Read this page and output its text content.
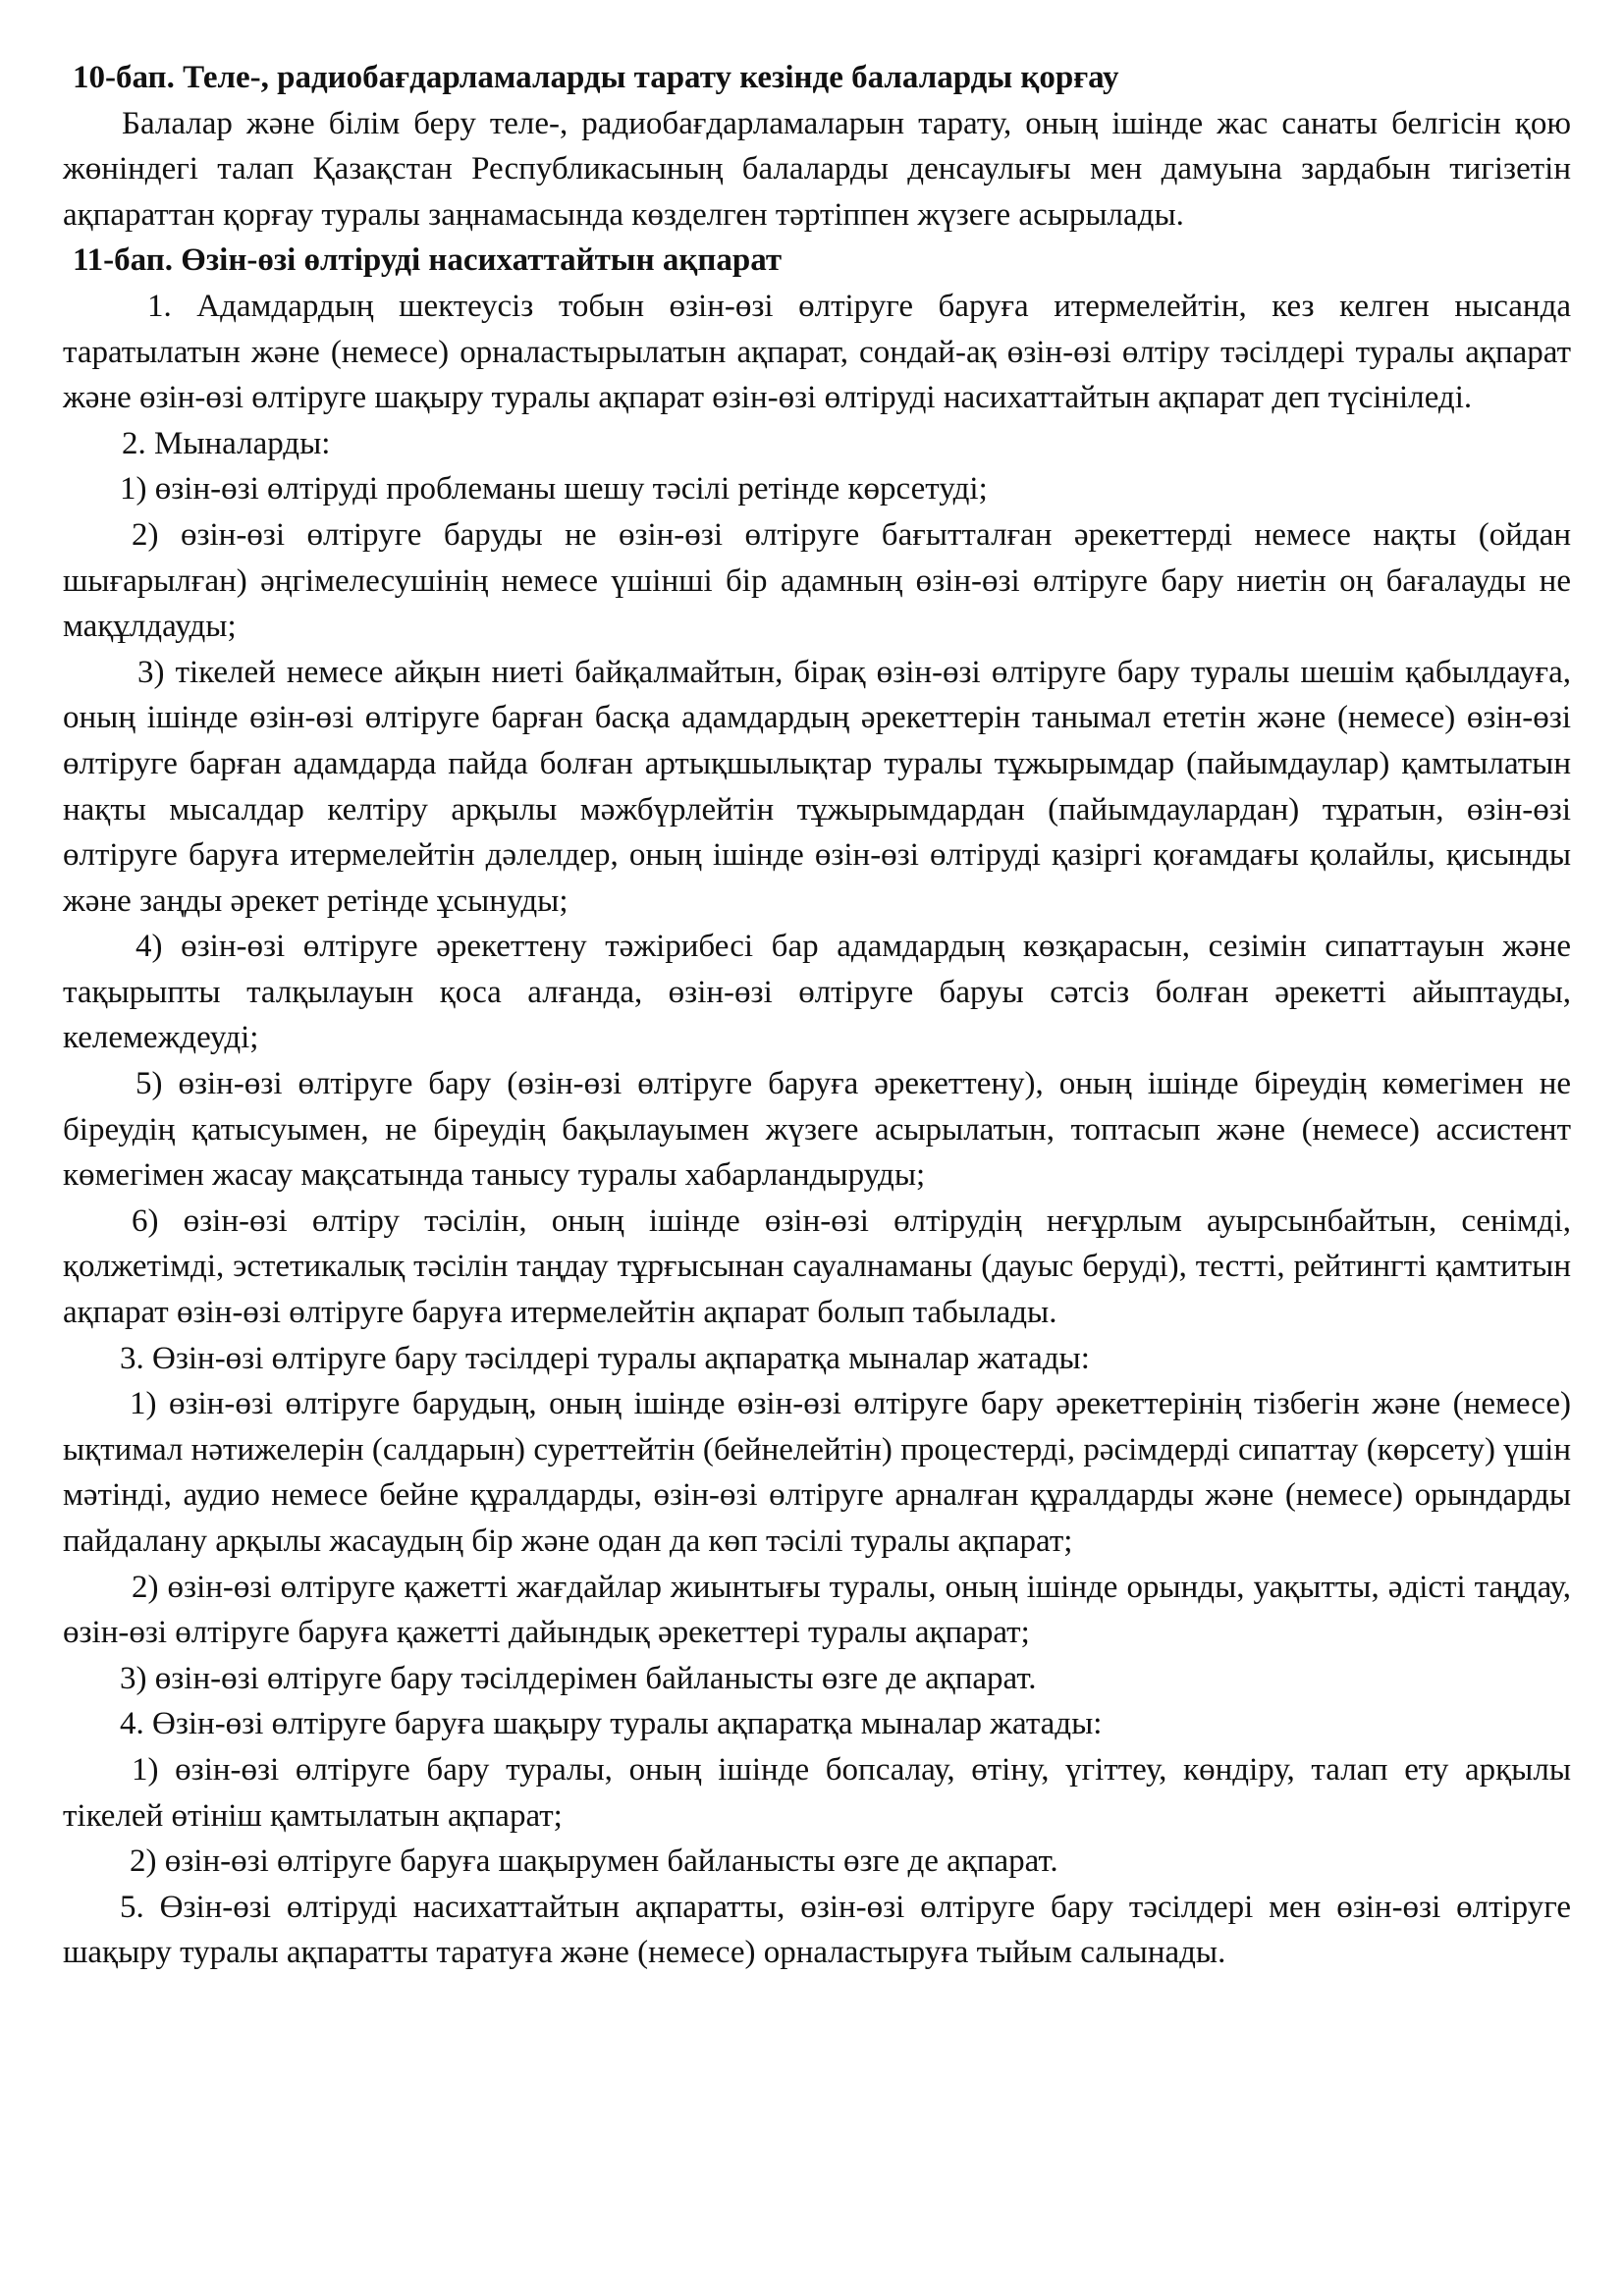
10-бап. Теле-, радиобағдарламаларды тарату кезінде балаларды қорғау

Балалар және білім беру теле-, радиобағдарламаларын тарату, оның ішінде жас санаты белгісін қою жөніндегі талап Қазақстан Республикасының балаларды денсаулығы мен дамуына зардабын тигізетін ақпараттан қорғау туралы заңнамасында көзделген тәртіппен жүзеге асырылады.

11-бап. Өзін-өзі өлтіруді насихаттайтын ақпарат

1. Адамдардың шектеусіз тобын өзін-өзі өлтіруге баруға итермелейтін, кез келген нысанда таратылатын және (немесе) орналастырылатын ақпарат, сондай-ақ өзін-өзі өлтіру тәсілдері туралы ақпарат және өзін-өзі өлтіруге шақыру туралы ақпарат өзін-өзі өлтіруді насихаттайтын ақпарат деп түсініледі.

2. Мыналарды:

1) өзін-өзі өлтіруді проблеманы шешу тәсілі ретінде көрсетуді;

2) өзін-өзі өлтіруге баруды не өзін-өзі өлтіруге бағытталған әрекеттерді немесе нақты (ойдан шығарылған) әңгімелесушінің немесе үшінші бір адамның өзін-өзі өлтіруге бару ниетін оң бағалауды не мақұлдауды;

3) тікелей немесе айқын ниеті байқалмайтын, бірақ өзін-өзі өлтіруге бару туралы шешім қабылдауға, оның ішінде өзін-өзі өлтіруге барған басқа адамдардың әрекеттерін танымал ететін және (немесе) өзін-өзі өлтіруге барған адамдарда пайда болған артықшылықтар туралы тұжырымдар (пайымдаулар) қамтылатын нақты мысалдар келтіру арқылы мәжбүрлейтін тұжырымдардан (пайымдаулардан) тұратын, өзін-өзі өлтіруге баруға итермелейтін дәлелдер, оның ішінде өзін-өзі өлтіруді қазіргі қоғамдағы қолайлы, қисынды және заңды әрекет ретінде ұсынуды;

4) өзін-өзі өлтіруге әрекеттену тәжірибесі бар адамдардың көзқарасын, сезімін сипаттауын және тақырыпты талқылауын қоса алғанда, өзін-өзі өлтіруге баруы сәтсіз болған әрекетті айыптауды, келемеждеуді;

5) өзін-өзі өлтіруге бару (өзін-өзі өлтіруге баруға әрекеттену), оның ішінде біреудің көмегімен не біреудің қатысуымен, не біреудің бақылауымен жүзеге асырылатын, топтасып және (немесе) ассистент көмегімен жасау мақсатында танысу туралы хабарландыруды;

6) өзін-өзі өлтіру тәсілін, оның ішінде өзін-өзі өлтірудің неғұрлым ауырсынбайтын, сенімді, қолжетімді, эстетикалық тәсілін таңдау тұрғысынан сауалнаманы (дауыс беруді), тестті, рейтингті қамтитын ақпарат өзін-өзі өлтіруге баруға итермелейтін ақпарат болып табылады.

3. Өзін-өзі өлтіруге бару тәсілдері туралы ақпаратқа мыналар жатады:

1) өзін-өзі өлтіруге барудың, оның ішінде өзін-өзі өлтіруге бару әрекеттерінің тізбегін және (немесе) ықтимал нәтижелерін (салдарын) суреттейтін (бейнелейтін) процестерді, рәсімдерді сипаттау (көрсету) үшін мәтінді, аудио немесе бейне құралдарды, өзін-өзі өлтіруге арналған құралдарды және (немесе) орындарды пайдалану арқылы жасаудың бір және одан да көп тәсілі туралы ақпарат;

2) өзін-өзі өлтіруге қажетті жағдайлар жиынтығы туралы, оның ішінде орынды, уақытты, әдісті таңдау, өзін-өзі өлтіруге баруға қажетті дайындық әрекеттері туралы ақпарат;

3) өзін-өзі өлтіруге бару тәсілдерімен байланысты өзге де ақпарат.

4. Өзін-өзі өлтіруге баруға шақыру туралы ақпаратқа мыналар жатады:

1) өзін-өзі өлтіруге бару туралы, оның ішінде бопсалау, өтіну, үгіттеу, көндіру, талап ету арқылы тікелей өтініш қамтылатын ақпарат;

2) өзін-өзі өлтіруге баруға шақырумен байланысты өзге де ақпарат.

5. Өзін-өзі өлтіруді насихаттайтын ақпаратты, өзін-өзі өлтіруге бару тәсілдері мен өзін-өзі өлтіруге шақыру туралы ақпаратты таратуға және (немесе) орналастыруға тыйым салынады.
